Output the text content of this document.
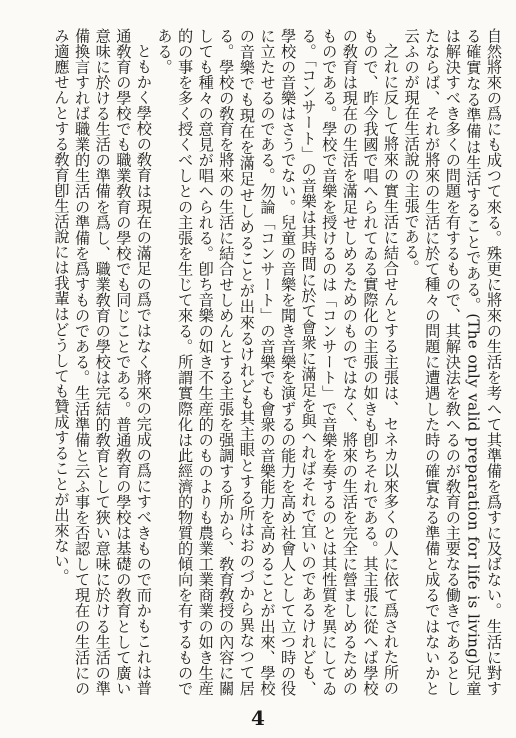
自然將來の爲にも成つて來る。殊更に將來の生活を考へて其準備を爲すに及ばない。生活に對する確實なる準備は生活することである。(The only valid preparation for life is living)兒童は解決すべき多くの問題を有するもので、其解決法を敎へるのが敎育の主要なる働きであるとしたならば、それが將來の生活に於て種々の問題に遭遇した時の確實なる準備と成るではないかと云ふのが現在生活說の主張である。

之れに反して將來の實生活に結合せんとする主張は、セネカ以來多くの人に依て爲された所のもので、昨今我國で唱へられてゐる實際化の主張の如きも卽ちそれである。其主張に從へば學校の敎育は現在の生活を滿足せしめるためのものではなく、將來の生活を完全に營ましめるためのものである。學校で音樂を授けるのは「コンサート」で音樂を奏するのとは其性質を異にしてゐる。「コンサート」の音樂は其時間に於て會衆に滿足を與へればそれで宜いのであるけれども、學校の音樂はさうでない。兒童の音樂を聞き音樂を演ずるの能力を高め社會人として立つ時の役に立たせるのである。勿論「コンサート」の音樂でも會衆の音樂能力を高めることが出來、學校の音樂でも現在を滿足せしめることが出來るけれども其主眼とする所はおのづから異なつて居る。學校の敎育を將來の生活に結合せしめんとする主張を强調する所から、敎育敎授の內容に關しても種々の意見が唱へられる。卽ち音樂の如き不生産的のものよりも農業工業商業の如き生産的の事を多く授くべしとの主張を生じて來る。所謂實際化は此經濟的物質的傾向を有するものである。

ともかく學校の敎育は現在の滿足の爲ではなく將來の完成の爲にすべきもので而かもこれは普通敎育の學校でも職業敎育の學校でも同じことである。普通敎育の學校は基礎の敎育として廣い意味に於ける生活の準備を爲し、職業敎育の學校は完結的敎育として狹い意味に於ける生活の準備換言すれば職業的生活の準備を爲すものである。生活準備と云ふ事を否認して現在の生活にのみ適應せんとする敎育卽生活說には我輩はどうしても贊成することが出來ない。

4
